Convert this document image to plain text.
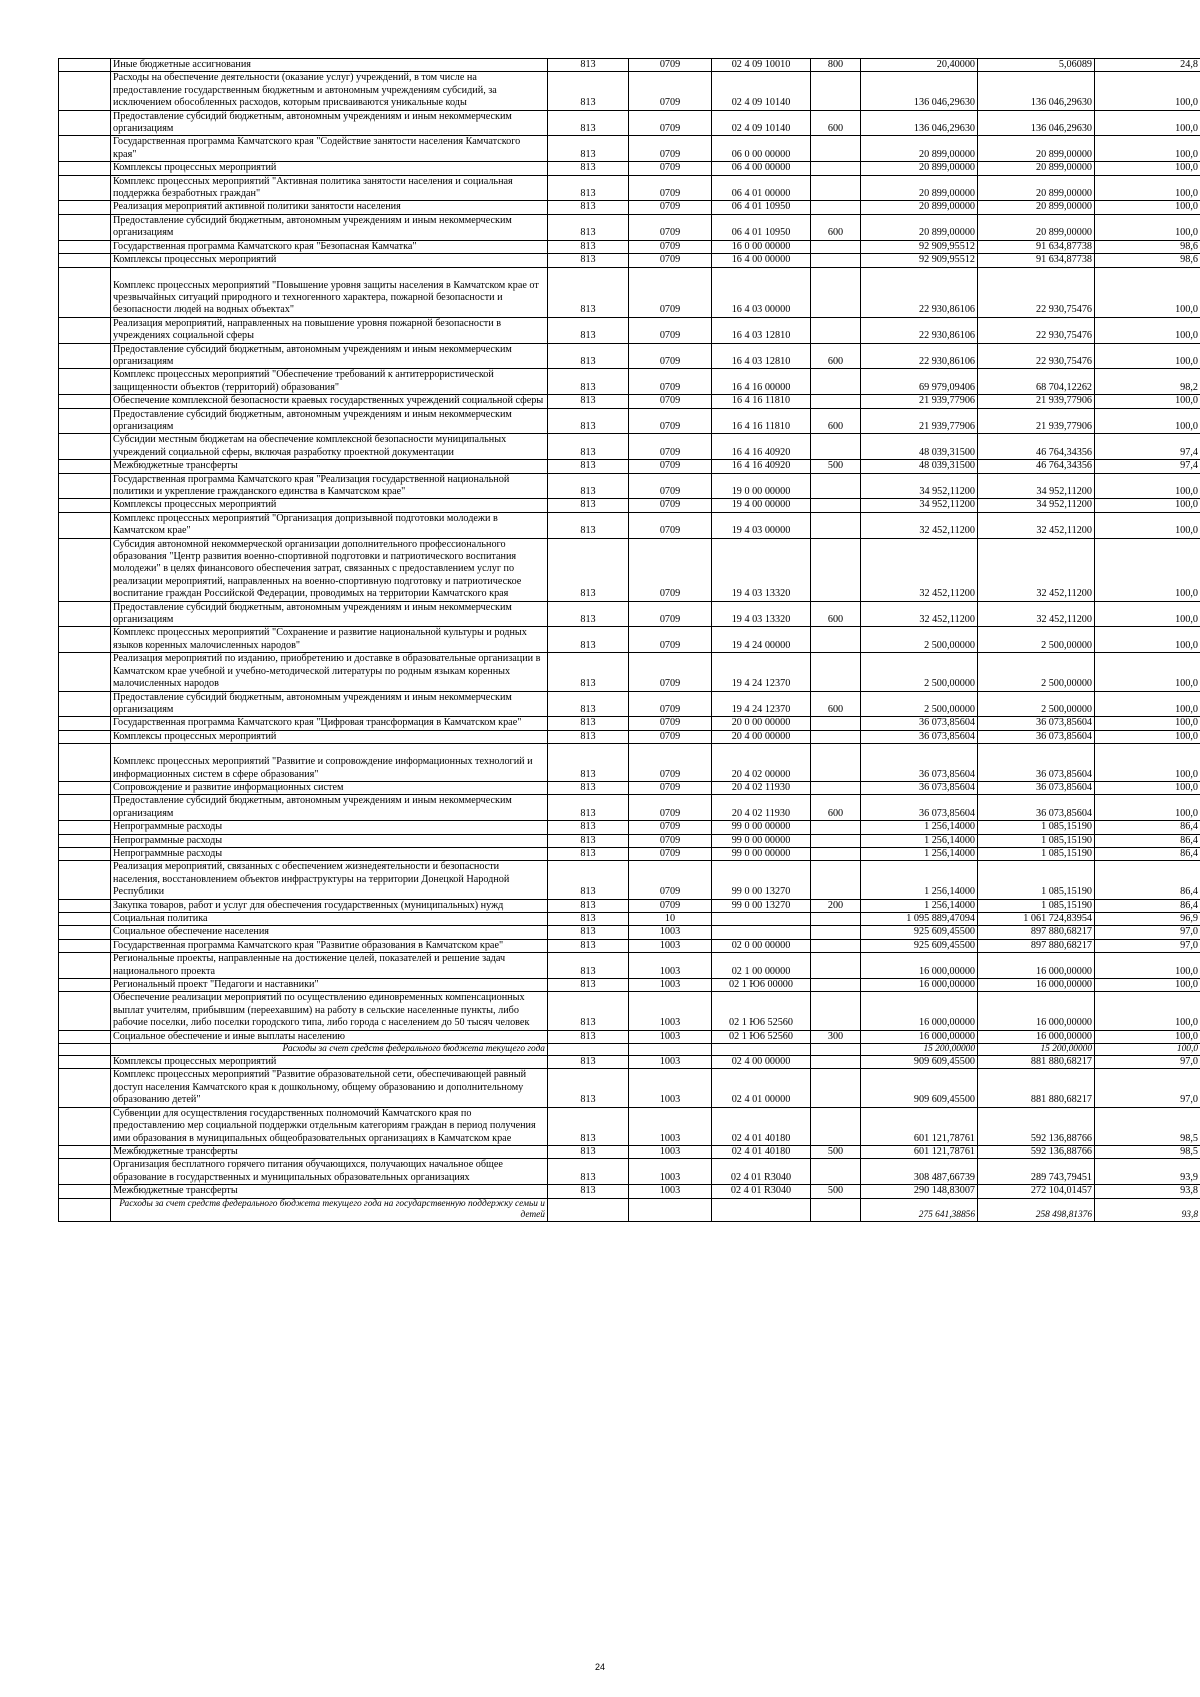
	Иные бюджетные ассигнования	813	0709	02 4 09 10010	800	20,40000	5,06089	24,8
	Расходы на обеспечение деятельности (оказание услуг) учреждений, в том числе на предоставление государственным бюджетным и автономным учреждениям субсидий, за исключением обособленных расходов, которым присваиваются уникальные коды	813	0709	02 4 09 10140		136 046,29630	136 046,29630	100,0
	Предоставление субсидий бюджетным, автономным учреждениям и иным некоммерческим организациям	813	0709	02 4 09 10140	600	136 046,29630	136 046,29630	100,0
	Государственная программа Камчатского края "Содействие занятости населения Камчатского края"	813	0709	06 0 00 00000		20 899,00000	20 899,00000	100,0
	Комплексы процессных мероприятий	813	0709	06 4 00 00000		20 899,00000	20 899,00000	100,0
	Комплекс процессных мероприятий "Активная политика занятости населения и социальная поддержка безработных граждан"	813	0709	06 4 01 00000		20 899,00000	20 899,00000	100,0
	Реализация мероприятий активной политики занятости населения	813	0709	06 4 01 10950		20 899,00000	20 899,00000	100,0
	Предоставление субсидий бюджетным, автономным учреждениям и иным некоммерческим организациям	813	0709	06 4 01 10950	600	20 899,00000	20 899,00000	100,0
	Государственная программа Камчатского края "Безопасная Камчатка"	813	0709	16 0 00 00000		92 909,95512	91 634,87738	98,6
	Комплексы процессных мероприятий	813	0709	16 4 00 00000		92 909,95512	91 634,87738	98,6

Комплекс процессных мероприятий "Повышение уровня защиты населения в Камчатском крае от чрезвычайных ситуаций природного и техногенного характера, пожарной безопасности и безопасности людей на водных объектах"	813	0709	16 4 03 00000		22 930,86106	22 930,75476	100,0
	Реализация мероприятий, направленных на повышение уровня пожарной безопасности в учреждениях социальной сферы	813	0709	16 4 03 12810		22 930,86106	22 930,75476	100,0
	Предоставление субсидий бюджетным, автономным учреждениям и иным некоммерческим организациям	813	0709	16 4 03 12810	600	22 930,86106	22 930,75476	100,0
	Комплекс процессных мероприятий "Обеспечение требований к антитеррористической защищенности объектов (территорий) образования"	813	0709	16 4 16 00000		69 979,09406	68 704,12262	98,2
	Обеспечение комплексной безопасности краевых государственных учреждений социальной сферы	813	0709	16 4 16 11810		21 939,77906	21 939,77906	100,0
	Предоставление субсидий бюджетным, автономным учреждениям и иным некоммерческим организациям	813	0709	16 4 16 11810	600	21 939,77906	21 939,77906	100,0
	Субсидии местным бюджетам на обеспечение комплексной безопасности муниципальных учреждений социальной сферы, включая разработку проектной документации	813	0709	16 4 16 40920		48 039,31500	46 764,34356	97,4
	Межбюджетные трансферты	813	0709	16 4 16 40920	500	48 039,31500	46 764,34356	97,4
	Государственная программа Камчатского края "Реализация государственной национальной политики и укрепление гражданского единства в Камчатском крае"	813	0709	19 0 00 00000		34 952,11200	34 952,11200	100,0
	Комплексы процессных мероприятий	813	0709	19 4 00 00000		34 952,11200	34 952,11200	100,0
	Комплекс процессных мероприятий "Организация допризывной подготовки молодежи в Камчатском крае"	813	0709	19 4 03 00000		32 452,11200	32 452,11200	100,0
	Субсидия автономной некоммерческой организации дополнительного профессионального образования "Центр развития военно-спортивной подготовки и патриотического воспитания молодежи" в целях финансового обеспечения затрат, связанных с предоставлением услуг по реализации мероприятий, направленных на военно-спортивную подготовку и патриотическое воспитание граждан Российской Федерации, проводимых на территории Камчатского края	813	0709	19 4 03 13320		32 452,11200	32 452,11200	100,0
	Предоставление субсидий бюджетным, автономным учреждениям и иным некоммерческим организациям	813	0709	19 4 03 13320	600	32 452,11200	32 452,11200	100,0
	Комплекс процессных мероприятий "Сохранение и развитие национальной культуры и родных языков коренных малочисленных народов"	813	0709	19 4 24 00000		2 500,00000	2 500,00000	100,0
	Реализация мероприятий по изданию, приобретению и доставке в образовательные организации в Камчатском крае учебной и учебно-методической литературы по родным языкам коренных малочисленных народов	813	0709	19 4 24 12370		2 500,00000	2 500,00000	100,0
	Предоставление субсидий бюджетным, автономным учреждениям и иным некоммерческим организациям	813	0709	19 4 24 12370	600	2 500,00000	2 500,00000	100,0
	Государственная программа Камчатского края "Цифровая трансформация в Камчатском крае"	813	0709	20 0 00 00000		36 073,85604	36 073,85604	100,0
	Комплексы процессных мероприятий	813	0709	20 4 00 00000		36 073,85604	36 073,85604	100,0

Комплекс процессных мероприятий "Развитие и сопровождение информационных технологий и информационных систем в сфере образования"	813	0709	20 4 02 00000		36 073,85604	36 073,85604	100,0
	Сопровождение и развитие информационных систем	813	0709	20 4 02 11930		36 073,85604	36 073,85604	100,0
	Предоставление субсидий бюджетным, автономным учреждениям и иным некоммерческим организациям	813	0709	20 4 02 11930	600	36 073,85604	36 073,85604	100,0
	Непрограммные расходы	813	0709	99 0 00 00000		1 256,14000	1 085,15190	86,4
	Непрограммные расходы	813	0709	99 0 00 00000		1 256,14000	1 085,15190	86,4
	Непрограммные расходы	813	0709	99 0 00 00000		1 256,14000	1 085,15190	86,4
	Реализация мероприятий, связанных с обеспечением жизнедеятельности и безопасности населения, восстановлением объектов инфраструктуры на территории Донецкой Народной Республики	813	0709	99 0 00 13270		1 256,14000	1 085,15190	86,4
	Закупка товаров, работ и услуг для обеспечения государственных (муниципальных) нужд	813	0709	99 0 00 13270	200	1 256,14000	1 085,15190	86,4
	Социальная политика	813	10			1 095 889,47094	1 061 724,83954	96,9
	Социальное обеспечение населения	813	1003			925 609,45500	897 880,68217	97,0
	Государственная программа Камчатского края "Развитие образования в Камчатском крае"	813	1003	02 0 00 00000		925 609,45500	897 880,68217	97,0
	Региональные проекты, направленные на достижение целей, показателей и решение задач национального проекта	813	1003	02 1 00 00000		16 000,00000	16 000,00000	100,0
	Региональный проект "Педагоги и наставники"	813	1003	02 1 Ю6 00000		16 000,00000	16 000,00000	100,0
	Обеспечение реализации мероприятий по осуществлению единовременных компенсационных выплат учителям, прибывшим (переехавшим) на работу в сельские населенные пункты, либо рабочие поселки, либо поселки городского типа, либо города с населением до 50 тысяч человек	813	1003	02 1 Ю6 52560		16 000,00000	16 000,00000	100,0
	Социальное обеспечение и иные выплаты населению	813	1003	02 1 Ю6 52560	300	16 000,00000	16 000,00000	100,0
	Расходы за счет средств федерального бюджета текущего года					15 200,00000	15 200,00000	100,0
	Комплексы процессных мероприятий	813	1003	02 4 00 00000		909 609,45500	881 880,68217	97,0
	Комплекс процессных мероприятий "Развитие образовательной сети, обеспечивающей равный доступ населения Камчатского края к дошкольному, общему образованию и дополнительному образованию детей"	813	1003	02 4 01 00000		909 609,45500	881 880,68217	97,0
	Субвенции для осуществления государственных полномочий Камчатского края по предоставлению мер социальной поддержки отдельным категориям граждан в период получения ими образования в муниципальных общеобразовательных организациях в Камчатском крае	813	1003	02 4 01 40180		601 121,78761	592 136,88766	98,5
	Межбюджетные трансферты	813	1003	02 4 01 40180	500	601 121,78761	592 136,88766	98,5
	Организация бесплатного горячего питания обучающихся, получающих начальное общее образование в государственных и муниципальных образовательных организациях	813	1003	02 4 01 R3040		308 487,66739	289 743,79451	93,9
	Межбюджетные трансферты	813	1003	02 4 01 R3040	500	290 148,83007	272 104,01457	93,8
	Расходы за счет средств федерального бюджета текущего года на государственную поддержку семьи и детей					275 641,38856	258 498,81376	93,8
24
